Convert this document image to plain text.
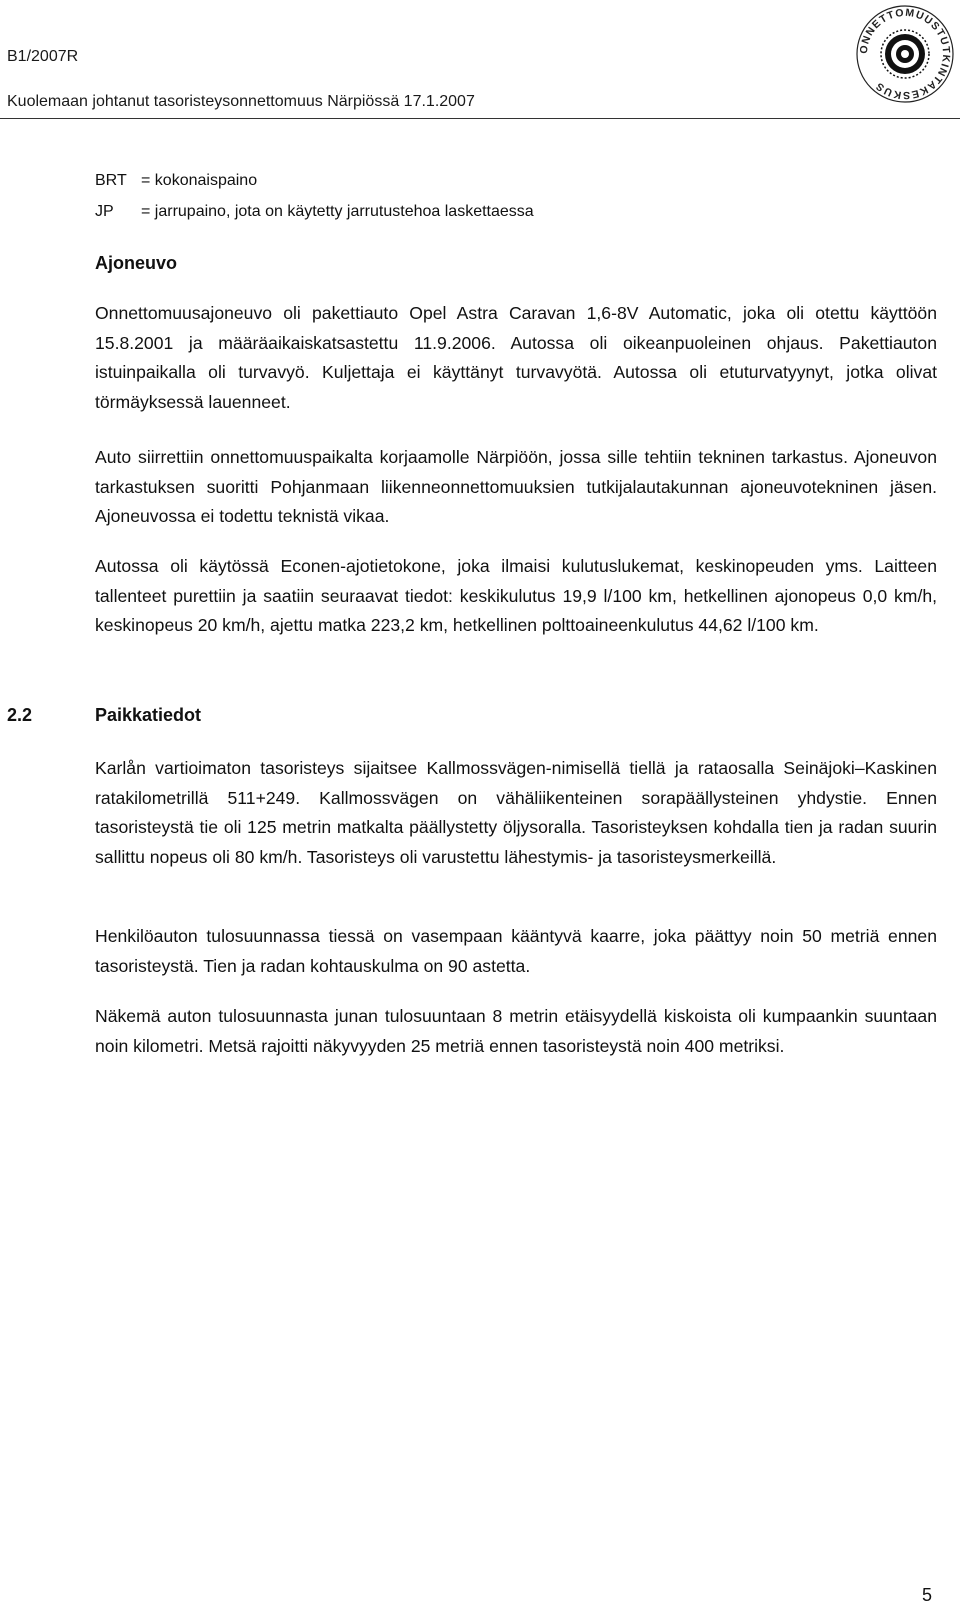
B1/2007R
Kuolemaan johtanut tasoristeysonnettomuus Närpiössä 17.1.2007
ONNETTOMUUSTUTKINTAKESKUS
BRT = kokonaispaino
JP = jarrupaino, jota on käytetty jarrutustehoa laskettaessa
Ajoneuvo

Onnettomuusajoneuvo oli pakettiauto Opel Astra Caravan 1,6-8V Automatic, joka oli otettu käyttöön 15.8.2001 ja määräaikaiskatsastettu 11.9.2006. Autossa oli oikeanpuoleinen ohjaus. Pakettiauton istuinpaikalla oli turvavyö. Kuljettaja ei käyttänyt turvavyötä. Autossa oli etuturvatyynyt, jotka olivat törmäyksessä lauenneet.

Auto siirrettiin onnettomuuspaikalta korjaamolle Närpiöön, jossa sille tehtiin tekninen tarkastus. Ajoneuvon tarkastuksen suoritti Pohjanmaan liikenneonnettomuuksien tutkijalautakunnan ajoneuvotekninen jäsen. Ajoneuvossa ei todettu teknistä vikaa.

Autossa oli käytössä Econen-ajotietokone, joka ilmaisi kulutuslukemat, keskinopeuden yms. Laitteen tallenteet purettiin ja saatiin seuraavat tiedot: keskikulutus 19,9 l/100 km, hetkellinen ajonopeus 0,0 km/h, keskinopeus 20 km/h, ajettu matka 223,2 km, hetkellinen polttoaineenkulutus 44,62 l/100 km.

2.2	Paikkatiedot

Karlån vartioimaton tasoristeys sijaitsee Kallmossvägen-nimisellä tiellä ja rataosalla Seinäjoki–Kaskinen ratakilometrillä 511+249. Kallmossvägen on vähäliikenteinen sorapäällysteinen yhdystie. Ennen tasoristeystä tie oli 125 metrin matkalta päällystetty öljysoralla. Tasoristeyksen kohdalla tien ja radan suurin sallittu nopeus oli 80 km/h. Tasoristeys oli varustettu lähestymis- ja tasoristeysmerkeillä.

Henkilöauton tulosuunnassa tiessä on vasempaan kääntyvä kaarre, joka päättyy noin 50 metriä ennen tasoristeystä. Tien ja radan kohtauskulma on 90 astetta.

Näkemä auton tulosuunnasta junan tulosuuntaan 8 metrin etäisyydellä kiskoista oli kumpaankin suuntaan noin kilometri. Metsä rajoitti näkyvyyden 25 metriä ennen tasoristeystä noin 400 metriksi.

5
